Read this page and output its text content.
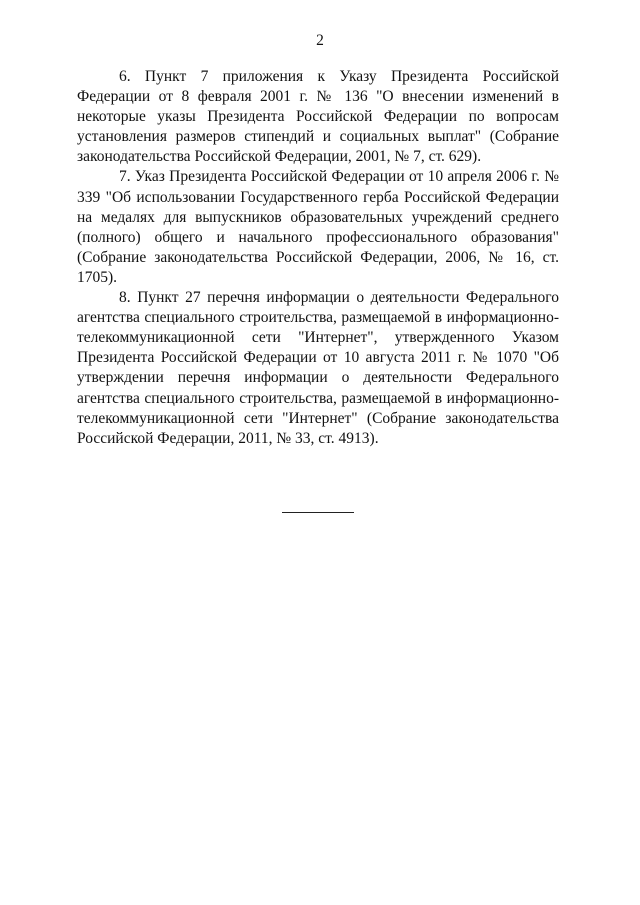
2

6. Пункт 7 приложения к Указу Президента Российской Федерации от 8 февраля 2001 г. № 136 "О внесении изменений в некоторые указы Президента Российской Федерации по вопросам установления размеров стипендий и социальных выплат" (Собрание законодательства Российской Федерации, 2001, № 7, ст. 629).

7. Указ Президента Российской Федерации от 10 апреля 2006 г. № 339 "Об использовании Государственного герба Российской Федерации на медалях для выпускников образовательных учреждений среднего (полного) общего и начального профессионального образования" (Собрание законодательства Российской Федерации, 2006, № 16, ст. 1705).

8. Пункт 27 перечня информации о деятельности Федерального агентства специального строительства, размещаемой в информационно-телекоммуникационной сети "Интернет", утвержденного Указом Президента Российской Федерации от 10 августа 2011 г. № 1070 "Об утверждении перечня информации о деятельности Федерального агентства специального строительства, размещаемой в информационно-телекоммуникационной сети "Интернет" (Собрание законодательства Российской Федерации, 2011, № 33, ст. 4913).
